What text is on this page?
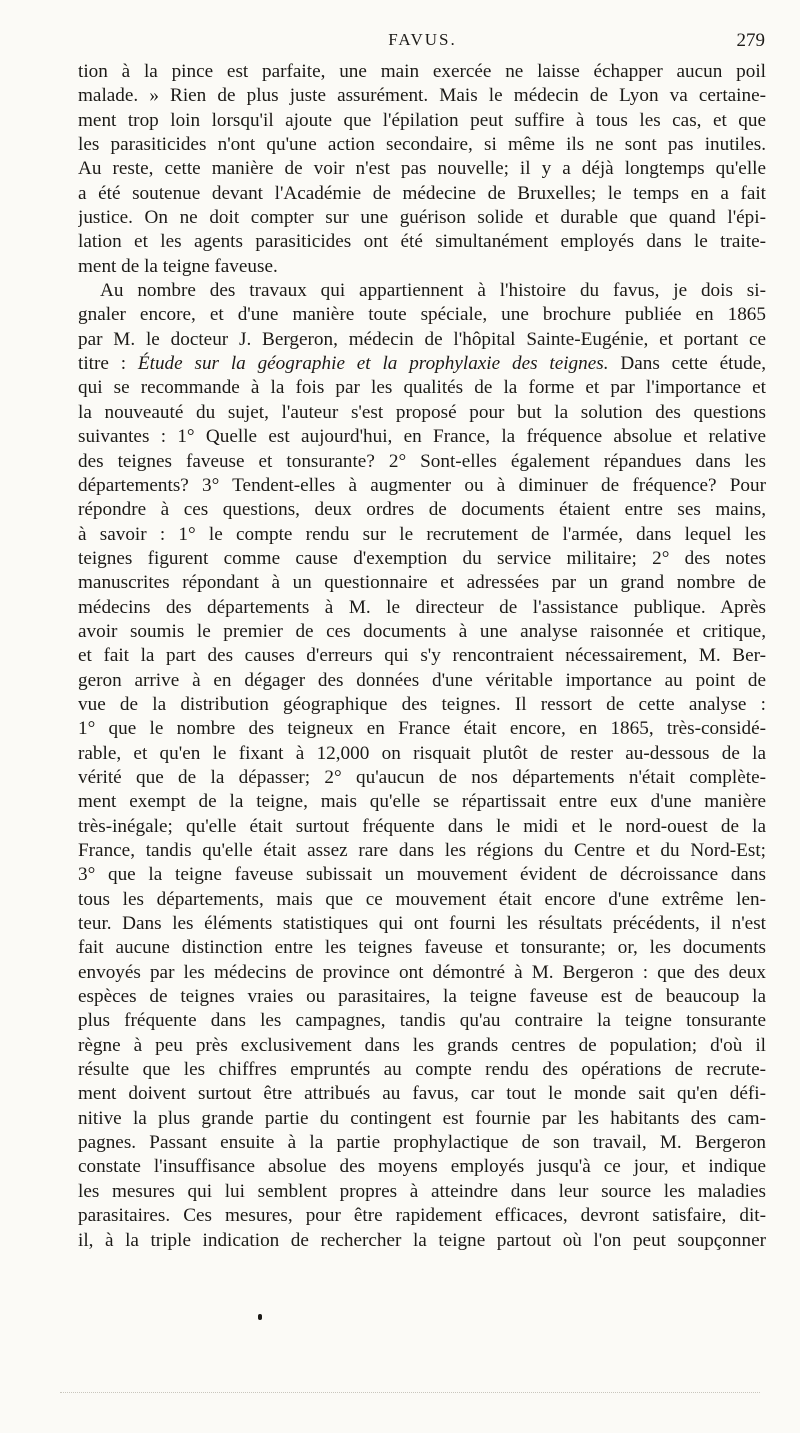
FAVUS.	279
tion à la pince est parfaite, une main exercée ne laisse échapper aucun poil
malade. » Rien de plus juste assurément. Mais le médecin de Lyon va certaine-
ment trop loin lorsqu'il ajoute que l'épilation peut suffire à tous les cas, et que
les parasiticides n'ont qu'une action secondaire, si même ils ne sont pas inutiles.
Au reste, cette manière de voir n'est pas nouvelle; il y a déjà longtemps qu'elle
a été soutenue devant l'Académie de médecine de Bruxelles; le temps en a fait
justice. On ne doit compter sur une guérison solide et durable que quand l'épi-
lation et les agents parasiticides ont été simultanément employés dans le traite-
ment de la teigne faveuse.
Au nombre des travaux qui appartiennent à l'histoire du favus, je dois si-
gnaler encore, et d'une manière toute spéciale, une brochure publiée en 1865
par M. le docteur J. Bergeron, médecin de l'hôpital Sainte-Eugénie, et portant ce
titre : Étude sur la géographie et la prophylaxie des teignes. Dans cette étude,
qui se recommande à la fois par les qualités de la forme et par l'importance et
la nouveauté du sujet, l'auteur s'est proposé pour but la solution des questions
suivantes : 1° Quelle est aujourd'hui, en France, la fréquence absolue et relative
des teignes faveuse et tonsurante? 2° Sont-elles également répandues dans les
départements? 3° Tendent-elles à augmenter ou à diminuer de fréquence? Pour
répondre à ces questions, deux ordres de documents étaient entre ses mains,
à savoir : 1° le compte rendu sur le recrutement de l'armée, dans lequel les
teignes figurent comme cause d'exemption du service militaire; 2° des notes
manuscrites répondant à un questionnaire et adressées par un grand nombre de
médecins des départements à M. le directeur de l'assistance publique. Après
avoir soumis le premier de ces documents à une analyse raisonnée et critique,
et fait la part des causes d'erreurs qui s'y rencontraient nécessairement, M. Ber-
geron arrive à en dégager des données d'une véritable importance au point de
vue de la distribution géographique des teignes. Il ressort de cette analyse :
1° que le nombre des teigneux en France était encore, en 1865, très-considé-
rable, et qu'en le fixant à 12,000 on risquait plutôt de rester au-dessous de la
vérité que de la dépasser; 2° qu'aucun de nos départements n'était complète-
ment exempt de la teigne, mais qu'elle se répartissait entre eux d'une manière
très-inégale; qu'elle était surtout fréquente dans le midi et le nord-ouest de la
France, tandis qu'elle était assez rare dans les régions du Centre et du Nord-Est;
3° que la teigne faveuse subissait un mouvement évident de décroissance dans
tous les départements, mais que ce mouvement était encore d'une extrême len-
teur. Dans les éléments statistiques qui ont fourni les résultats précédents, il n'est
fait aucune distinction entre les teignes faveuse et tonsurante; or, les documents
envoyés par les médecins de province ont démontré à M. Bergeron : que des deux
espèces de teignes vraies ou parasitaires, la teigne faveuse est de beaucoup la
plus fréquente dans les campagnes, tandis qu'au contraire la teigne tonsurante
règne à peu près exclusivement dans les grands centres de population; d'où il
résulte que les chiffres empruntés au compte rendu des opérations de recrute-
ment doivent surtout être attribués au favus, car tout le monde sait qu'en défi-
nitive la plus grande partie du contingent est fournie par les habitants des cam-
pagnes. Passant ensuite à la partie prophylactique de son travail, M. Bergeron
constate l'insuffisance absolue des moyens employés jusqu'à ce jour, et indique
les mesures qui lui semblent propres à atteindre dans leur source les maladies
parasitaires. Ces mesures, pour être rapidement efficaces, devront satisfaire, dit-
il, à la triple indication de rechercher la teigne partout où l'on peut soupçonner
